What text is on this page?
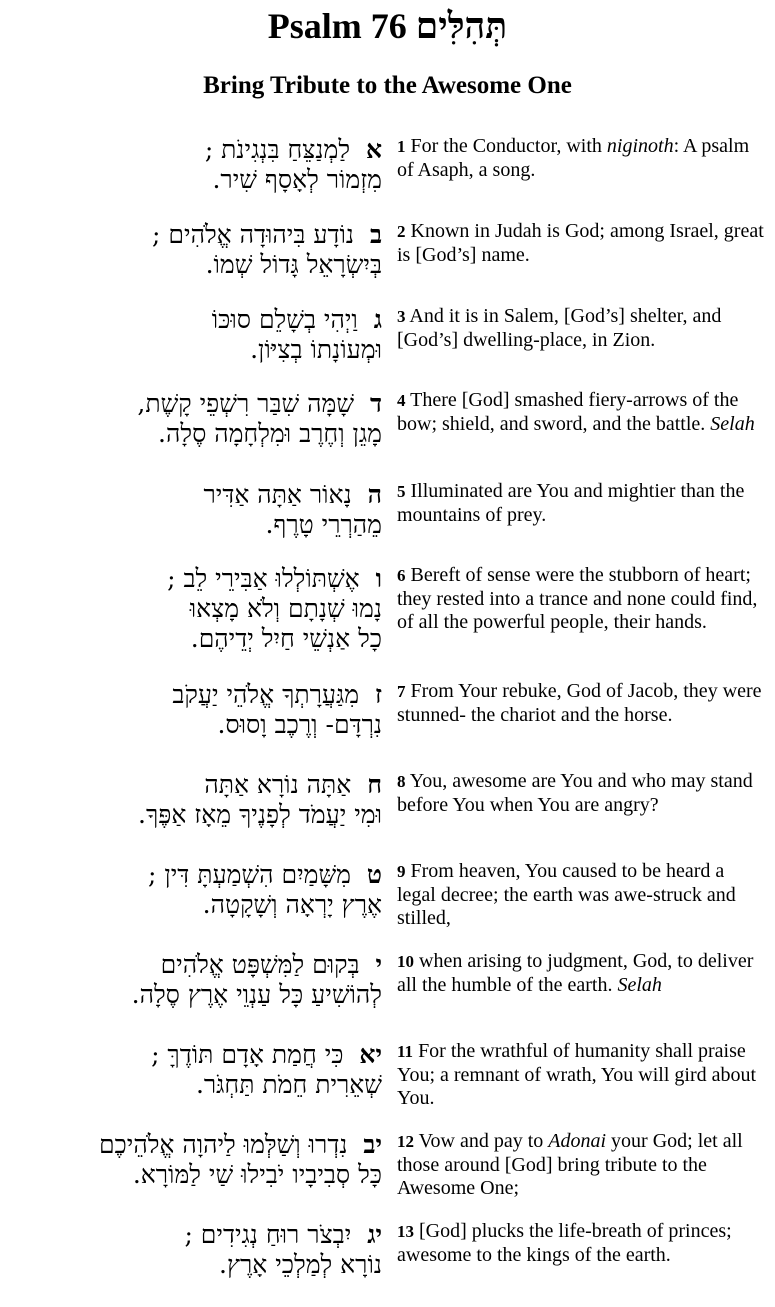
Psalm 76 תְּהִלִּים
Bring Tribute to the Awesome One
א  לַמְנַצֵּחַ בִּנְגִינֹת ;
מִזְמוֹר לְאָסָף שִׁיר.
1 For the Conductor, with niginoth: A psalm of Asaph, a song.
ב  נוֹדָע בִּיהוּדָה אֱלֹהִים ;
בְּיִשְׂרָאֵל גָּדוֹל שְׁמוֹ.
2 Known in Judah is God; among Israel, great is [God’s] name.
ג  וַיְהִי בְשָׁלֵם סוּכּוֹ
וּמְעוֹנָתוֹ בְצִיּוֹן.
3 And it is in Salem, [God’s] shelter, and [God’s] dwelling-place, in Zion.
ד  שָׁמָּה שִׁבַּר רִשְׁפֵי קָשֶׁת,
מָגֵן וְחֶרֶב וּמִלְחָמָה סֶלָה.
4 There [God] smashed fiery-arrows of the bow; shield, and sword, and the battle. Selah
ה  נָאוֹר אַתָּה אַדִּיר
מֵהַרְרֵי טָרֶף.
5 Illuminated are You and mightier than the mountains of prey.
ו  אֶשְׁתּוֹלְלוּ אַבִּירֵי לֵב ;
נָמוּ שְׁנָתָם וְלֹא מָצְאוּ
כָל אַנְשֵׁי חַיִל יְדֵיהֶם.
6 Bereft of sense were the stubborn of heart; they rested into a trance and none could find, of all the powerful people, their hands.
ז  מִגַּעֲרָתְךָ אֱלֹהֵי יַעֲקֹב
נִרְדָּם- וְרֶכֶב וָסוּס.
7 From Your rebuke, God of Jacob, they were stunned- the chariot and the horse.
ח  אַתָּה נוֹרָא אַתָּה
וּמִי יַעֲמֹד לְפָנֶיךָ מֵאָז אַפֶּךָ.
8 You, awesome are You and who may stand before You when You are angry?
ט  מִשָּׁמַיִם הִשְׁמַעְתָּ דִּין ;
אֶרֶץ יָרְאָה וְשָׁקָטָה.
9 From heaven, You caused to be heard a legal decree; the earth was awe-struck and stilled,
י  בְּקוּם לַמִּשְׁפָּט אֱלֹהִים
לְהוֹשִׁיעַ כָּל עַנְוֵי אֶרֶץ סֶלָה.
10 when arising to judgment, God, to deliver all the humble of the earth. Selah
יא  כִּי חֲמַת אָדָם תּוֹדֶךָּ ;
שְׁאֵרִית חֵמֹת תַּחְגֹּר.
11 For the wrathful of humanity shall praise You; a remnant of wrath, You will gird about You.
יב  נִדְרוּ וְשַׁלְּמוּ לַיהוָה אֱלֹהֵיכֶם
כָּל סְבִיבָיו יֹבִילוּ שַׁי לַמּוֹרָא.
12 Vow and pay to Adonai your God; let all those around [God] bring tribute to the Awesome One;
יג  יִבְצֹר רוּחַ נְגִידִים ;
נוֹרָא לְמַלְכֵי אָרֶץ.
13 [God] plucks the life-breath of princes; awesome to the kings of the earth.
